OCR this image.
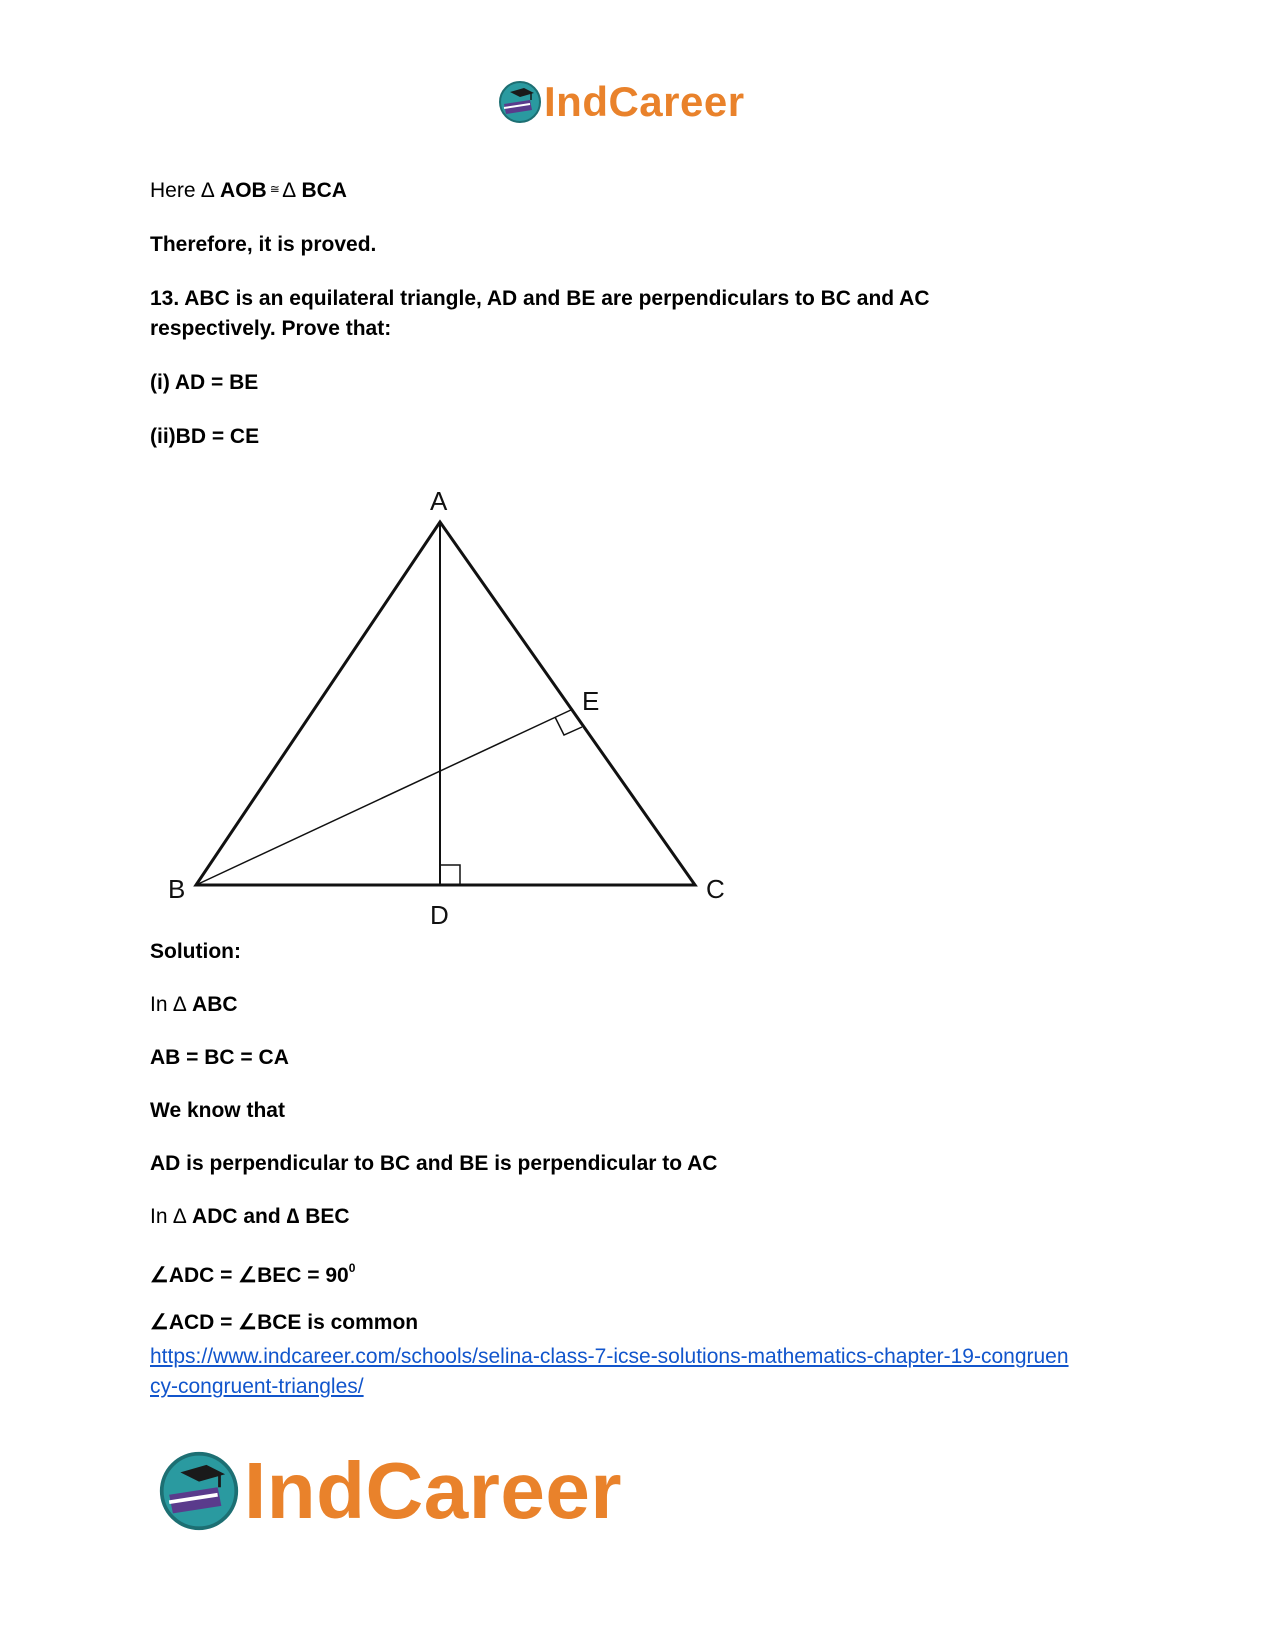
IndCareer
Here ∆ AOB ≅ ∆ BCA
Therefore, it is proved.
13. ABC is an equilateral triangle, AD and BE are perpendiculars to BC and AC respectively. Prove that:
(i) AD = BE
(ii)BD = CE
A
B	C
D
E
Solution:
In ∆ ABC
AB = BC = CA
We know that
AD is perpendicular to BC and BE is perpendicular to AC
In ∆ ADC and ∆ BEC
∠ADC = ∠BEC = $90^0$
∠ACD = ∠BCE is common
https://www.indcareer.com/schools/selina-class-7-icse-solutions-mathematics-chapter-19-congruency-congruent-triangles/
IndCareer
